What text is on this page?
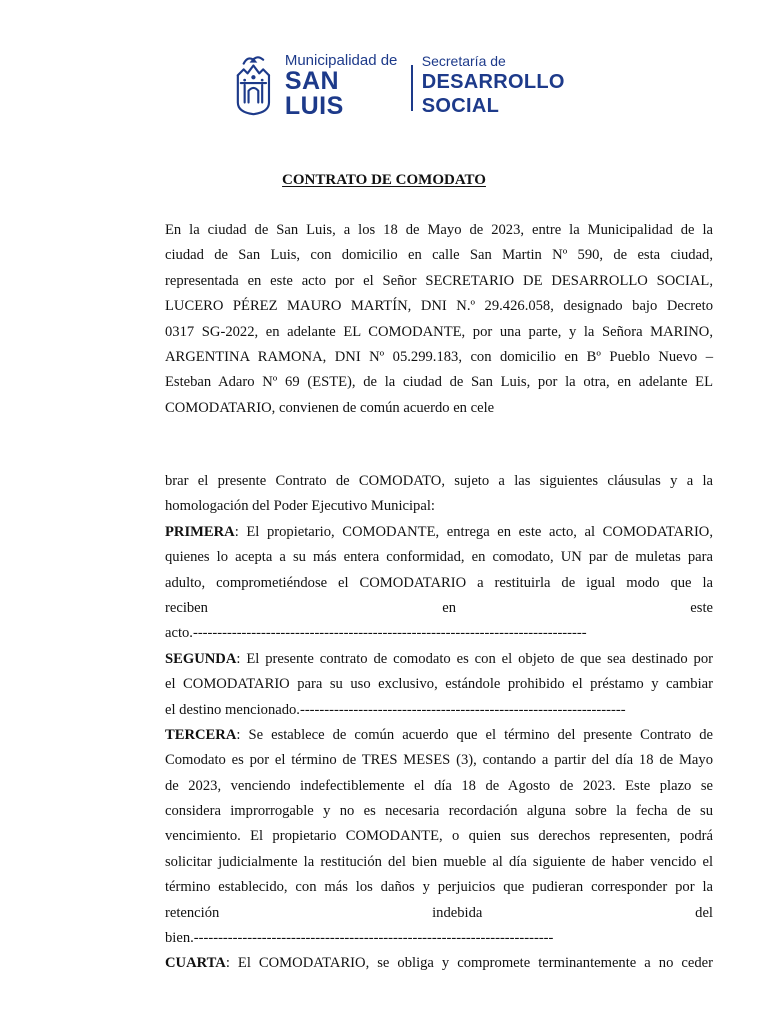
Municipalidad de
SAN LUIS
Secretaría de
DESARROLLO SOCIAL
CONTRATO DE COMODATO
En la ciudad de San Luis, a los 18 de Mayo de 2023, entre la Municipalidad de la
ciudad de San Luis, con domicilio en calle San Martin Nº 590, de esta ciudad,
representada en este acto por el Señor SECRETARIO DE DESARROLLO SOCIAL,
LUCERO PÉREZ MAURO MARTÍN, DNI N.º 29.426.058, designado bajo Decreto
0317 SG-2022, en adelante EL COMODANTE, por una parte, y la Señora MARINO,
ARGENTINA RAMONA, DNI Nº 05.299.183, con domicilio en Bº Pueblo Nuevo –
Esteban Adaro Nº 69 (ESTE), de la ciudad de San Luis, por la otra, en adelante EL
COMODATARIO, convienen de común acuerdo en cele
brar el presente Contrato de COMODATO, sujeto a las siguientes cláusulas y a la
homologación del Poder Ejecutivo Municipal:
PRIMERA: El propietario, COMODANTE, entrega en este acto, al COMODATARIO,
quienes lo acepta a su más entera conformidad, en comodato, UN par de muletas para
adulto, comprometiéndose el COMODATARIO a restituirla de igual modo que la
reciben	en	este
acto.---------------------------------------------------------------------------------
SEGUNDA: El presente contrato de comodato es con el objeto de que sea destinado por
el COMODATARIO para su uso exclusivo, estándole prohibido el préstamo y cambiar
el destino mencionado.-------------------------------------------------------------------
TERCERA: Se establece de común acuerdo que el término del presente Contrato de
Comodato es por el término de TRES MESES (3), contando a partir del día 18 de Mayo
de 2023, venciendo indefectiblemente el día 18 de Agosto de 2023. Este plazo se
considera improrrogable y no es necesaria recordación alguna sobre la fecha de su
vencimiento. El propietario COMODANTE, o quien sus derechos representen, podrá
solicitar judicialmente la restitución del bien mueble al día siguiente de haber vencido el
término establecido, con más los daños y perjuicios que pudieran corresponder por la
retención	indebida	del
bien.--------------------------------------------------------------------------
CUARTA: El COMODATARIO, se obliga y compromete terminantemente a no ceder
